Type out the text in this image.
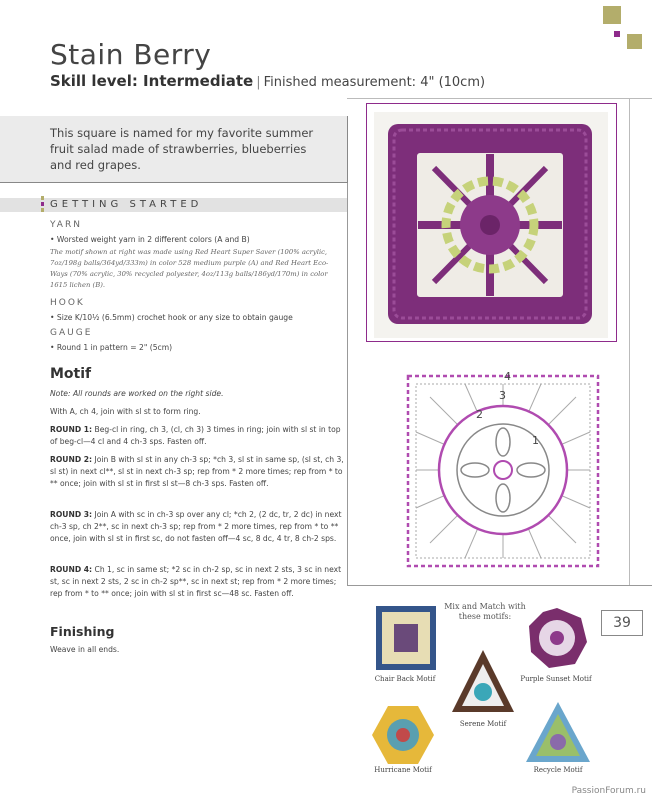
Stain Berry
Skill level: Intermediate | Finished measurement: 4" (10cm)

This square is named for my favorite summer fruit salad made of strawberries, blueberries and red grapes.

GETTING STARTED
YARN
• Worsted weight yarn in 2 different colors (A and B)
The motif shown at right was made using Red Heart Super Saver (100% acrylic, 7oz/198g balls/364yd/333m) in color 528 medium purple (A) and Red Heart Eco-Ways (70% acrylic, 30% recycled polyester, 4oz/113g balls/186yd/170m) in color 1615 lichen (B).
HOOK
• Size K/10½ (6.5mm) crochet hook or any size to obtain gauge
GAUGE
• Round 1 in pattern = 2" (5cm)
Motif
Note: All rounds are worked on the right side.
With A, ch 4, join with sl st to form ring.
ROUND 1: Beg-cl in ring, ch 3, (cl, ch 3) 3 times in ring; join with sl st in top of beg-cl—4 cl and 4 ch-3 sps. Fasten off.
ROUND 2: Join B with sl st in any ch-3 sp; *ch 3, sl st in same sp, (sl st, ch 3, sl st) in next cl**, sl st in next ch-3 sp; rep from * 2 more times; rep from * to ** once; join with sl st in first sl st—8 ch-3 sps. Fasten off.
ROUND 3: Join A with sc in ch-3 sp over any cl; *ch 2, (2 dc, tr, 2 dc) in next ch-3 sp, ch 2**, sc in next ch-3 sp; rep from * 2 more times, rep from * to ** once, join with sl st in first sc, do not fasten off—4 sc, 8 dc, 4 tr, 8 ch-2 sps.
ROUND 4: Ch 1, sc in same st; *2 sc in ch-2 sp, sc in next 2 sts, 3 sc in next st, sc in next 2 sts, 2 sc in ch-2 sp**, sc in next st; rep from * 2 more times; rep from * to ** once; join with sl st in first sc—48 sc. Fasten off.
Finishing
Weave in all ends.
4
3
2
1
39
Mix and Match with these motifs:
Chair Back Motif	Purple Sunset Motif
Serene Motif
Hurricane Motif	Recycle Motif
PassionForum.ru
